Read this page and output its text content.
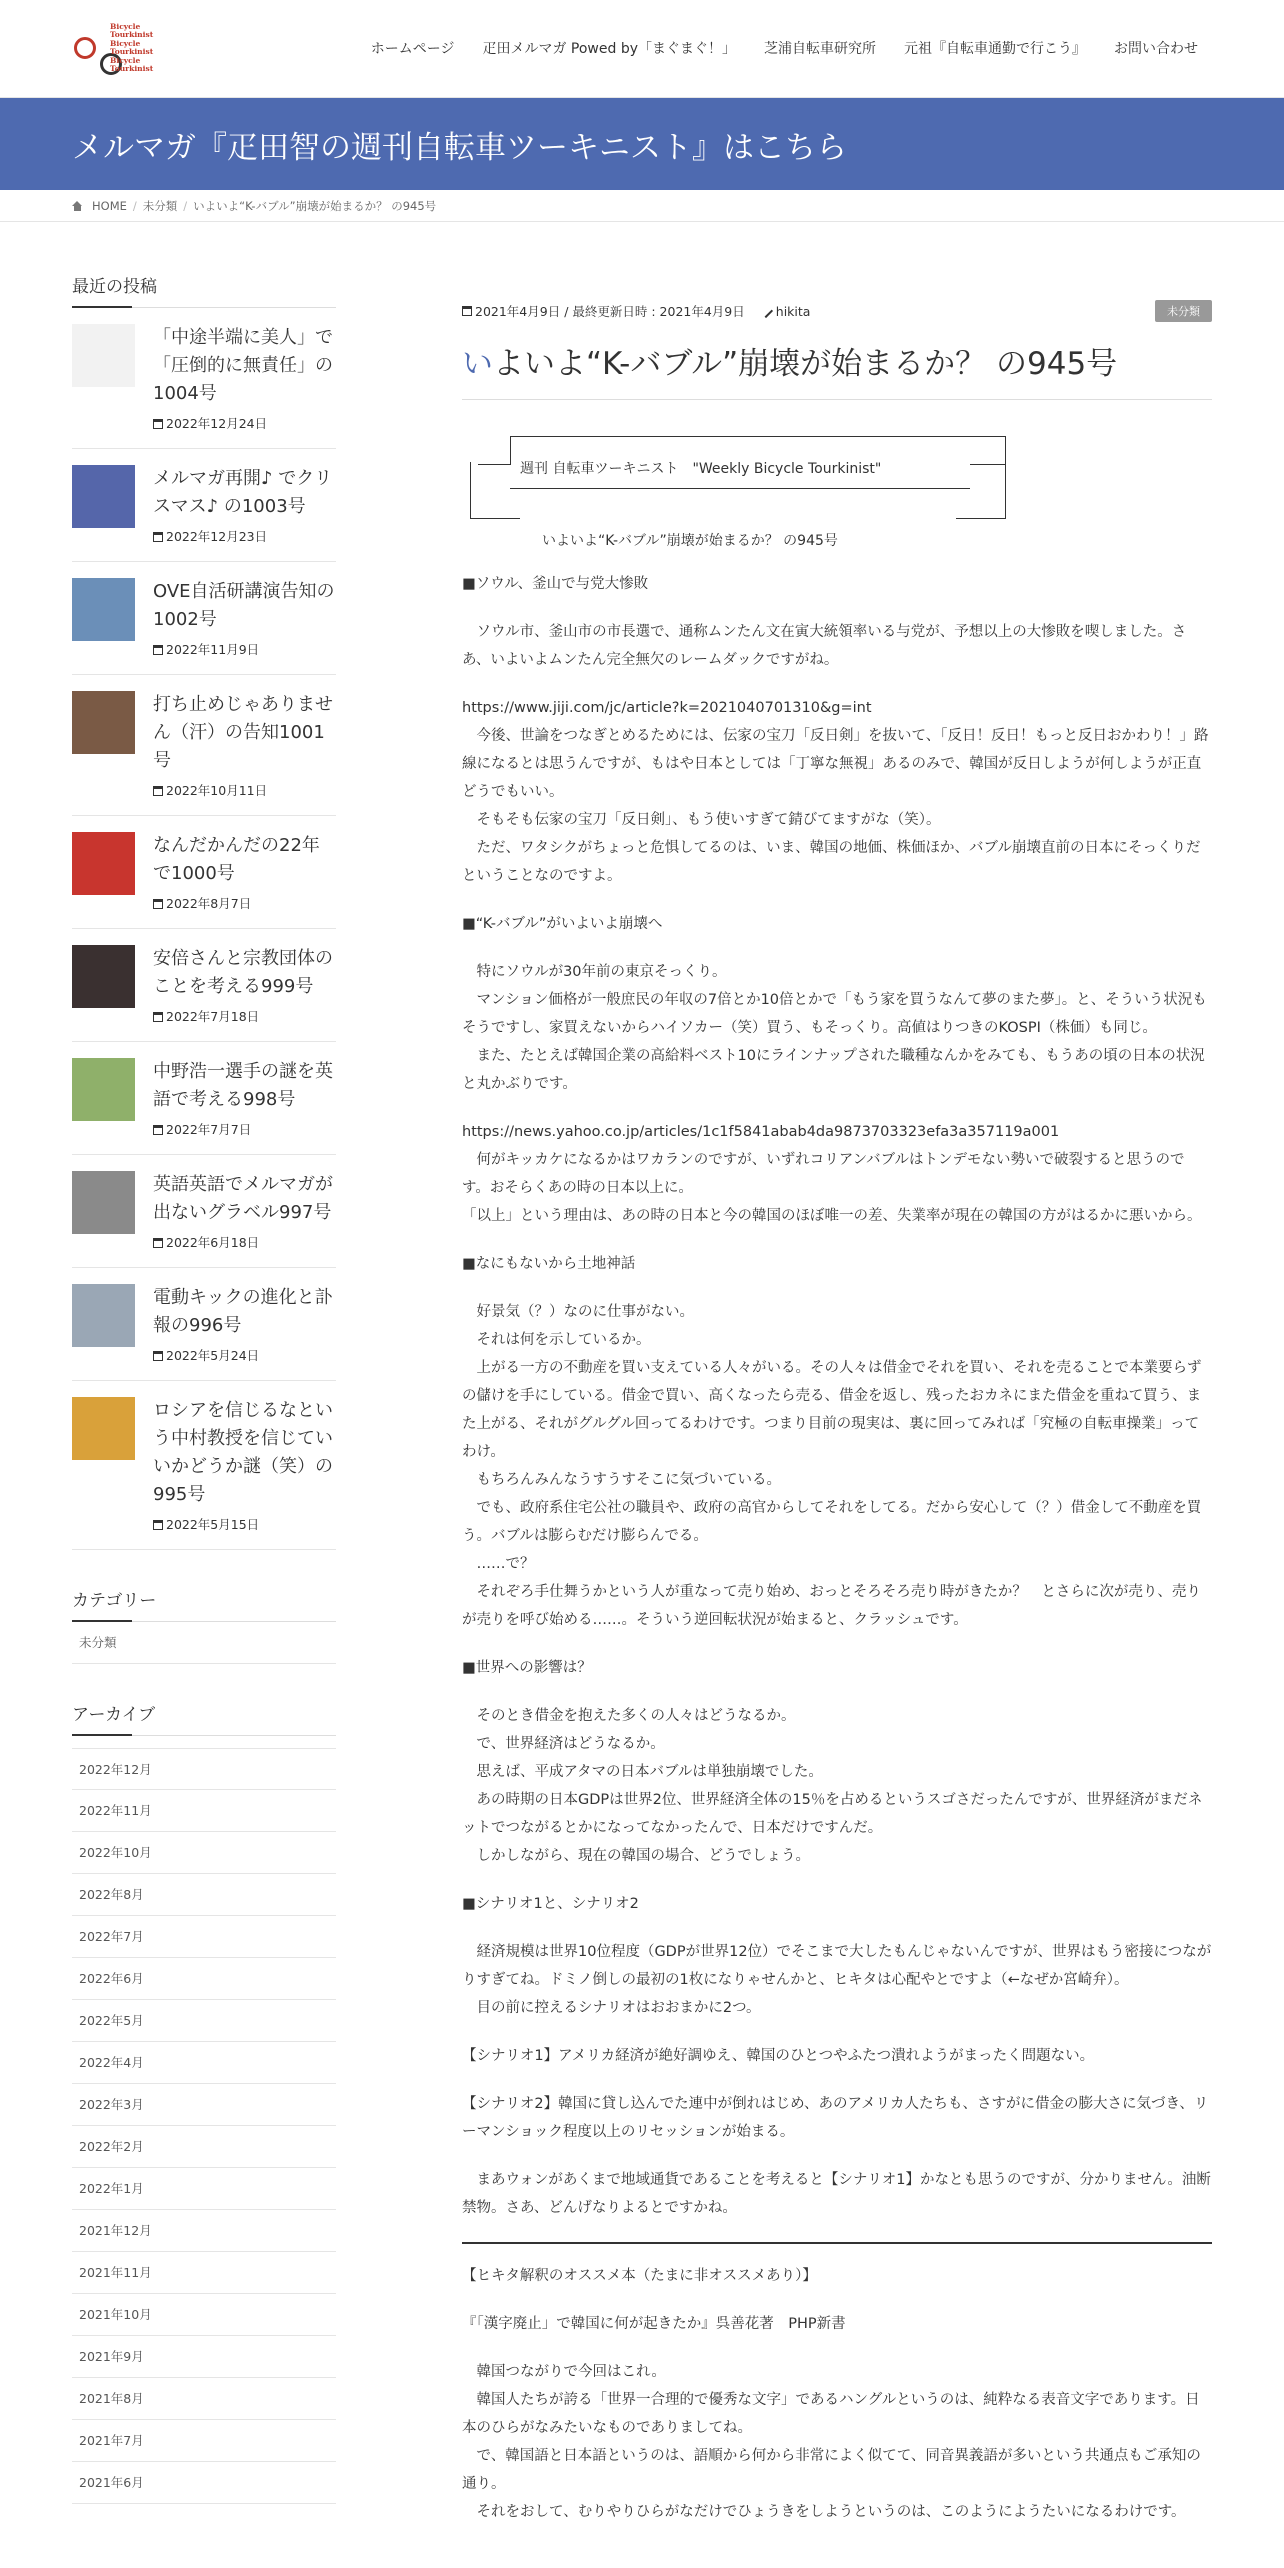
Bicycle
Tourkinist
Bicycle
Tourkinist
Bicycle
Tourkinist
ホームページ	疋田メルマガ Powed by「まぐまぐ！」	芝浦自転車研究所	元祖『自転車通勤で行こう』	お問い合わせ
メルマガ『疋田智の週刊自転車ツーキニスト』はこちら
HOME / 未分類 / いよいよ“K-バブル”崩壊が始まるか？ の945号
最近の投稿
「中途半端に美人」で「圧倒的に無責任」の1004号
2022年12月24日
メルマガ再開♪ でクリスマス♪ の1003号
2022年12月23日
OVE自活研講演告知の1002号
2022年11月9日
打ち止めじゃありません（汗）の告知1001号
2022年10月11日
なんだかんだの22年で1000号
2022年8月7日
安倍さんと宗教団体のことを考える999号
2022年7月18日
中野浩一選手の謎を英語で考える998号
2022年7月7日
英語英語でメルマガが出ないグラベル997号
2022年6月18日
電動キックの進化と訃報の996号
2022年5月24日
ロシアを信じるなという中村教授を信じていいかどうか謎（笑）の995号
2022年5月15日
カテゴリー
未分類
アーカイブ
2022年12月
2022年11月
2022年10月
2022年8月
2022年7月
2022年6月
2022年5月
2022年4月
2022年3月
2022年2月
2022年1月
2021年12月
2021年11月
2021年10月
2021年9月
2021年8月
2021年7月
2021年6月
2021年4月9日 / 最終更新日時 : 2021年4月9日 hikita	未分類
いよいよ“K-バブル”崩壊が始まるか？ の945号
週刊 自転車ツーキニスト　"Weekly Bicycle Tourkinist"
いよいよ“K-バブル”崩壊が始まるか？ の945号

■ソウル、釜山で与党大惨敗

　ソウル市、釜山市の市長選で、通称ムンたん文在寅大統領率いる与党が、予想以上の大惨敗を喫しました。さあ、いよいよムンたん完全無欠のレームダックですがね。

https://www.jiji.com/jc/article?k=2021040701310&g=int
　今後、世論をつなぎとめるためには、伝家の宝刀「反日剣」を抜いて、「反日！反日！もっと反日おかわり！」路線になるとは思うんですが、もはや日本としては「丁寧な無視」あるのみで、韓国が反日しようが何しようが正直どうでもいい。
　そもそも伝家の宝刀「反日剣」、もう使いすぎて錆びてますがな（笑）。
　ただ、ワタシクがちょっと危惧してるのは、いま、韓国の地価、株価ほか、バブル崩壊直前の日本にそっくりだということなのですよ。

■“K-バブル”がいよいよ崩壊へ

　特にソウルが30年前の東京そっくり。
　マンション価格が一般庶民の年収の7倍とか10倍とかで「もう家を買うなんて夢のまた夢」。と、そういう状況もそうですし、家買えないからハイソカー（笑）買う、もそっくり。高値はりつきのKOSPI（株価）も同じ。
　また、たとえば韓国企業の高給料ベスト10にラインナップされた職種なんかをみても、もうあの頃の日本の状況と丸かぶりです。

https://news.yahoo.co.jp/articles/1c1f5841abab4da9873703323efa3a357119a001
　何がキッカケになるかはワカランのですが、いずれコリアンバブルはトンデモない勢いで破裂すると思うのです。おそらくあの時の日本以上に。
「以上」という理由は、あの時の日本と今の韓国のほぼ唯一の差、失業率が現在の韓国の方がはるかに悪いから。

■なにもないから土地神話

　好景気（？）なのに仕事がない。
　それは何を示しているか。
　上がる一方の不動産を買い支えている人々がいる。その人々は借金でそれを買い、それを売ることで本業要らずの儲けを手にしている。借金で買い、高くなったら売る、借金を返し、残ったおカネにまた借金を重ねて買う、また上がる、それがグルグル回ってるわけです。つまり目前の現実は、裏に回ってみれば「究極の自転車操業」ってわけ。
　もちろんみんなうすうすそこに気づいている。
　でも、政府系住宅公社の職員や、政府の高官からしてそれをしてる。だから安心して（？）借金して不動産を買う。バブルは膨らむだけ膨らんでる。
　……で？
　それぞろ手仕舞うかという人が重なって売り始め、おっとそろそろ売り時がきたか？　とさらに次が売り、売りが売りを呼び始める……。そういう逆回転状況が始まると、クラッシュです。

■世界への影響は？

　そのとき借金を抱えた多くの人々はどうなるか。
　で、世界経済はどうなるか。
　思えば、平成アタマの日本バブルは単独崩壊でした。
　あの時期の日本GDPは世界2位、世界経済全体の15％を占めるというスゴさだったんですが、世界経済がまだネットでつながるとかになってなかったんで、日本だけですんだ。
　しかしながら、現在の韓国の場合、どうでしょう。

■シナリオ1と、シナリオ2

　経済規模は世界10位程度（GDPが世界12位）でそこまで大したもんじゃないんですが、世界はもう密接につながりすぎてね。ドミノ倒しの最初の1枚になりゃせんかと、ヒキタは心配やとですよ（←なぜか宮崎弁）。
　目の前に控えるシナリオはおおまかに2つ。

【シナリオ1】アメリカ経済が絶好調ゆえ、韓国のひとつやふたつ潰れようがまったく問題ない。

【シナリオ2】韓国に貸し込んでた連中が倒れはじめ、あのアメリカ人たちも、さすがに借金の膨大さに気づき、リーマンショック程度以上のリセッションが始まる。

　まあウォンがあくまで地域通貨であることを考えると【シナリオ1】かなとも思うのですが、分かりません。油断禁物。さあ、どんげなりよるとですかね。

【ヒキタ解釈のオススメ本（たまに非オススメあり）】

『「漢字廃止」で韓国に何が起きたか』呉善花著　PHP新書

　韓国つながりで今回はこれ。
　韓国人たちが誇る「世界一合理的で優秀な文字」であるハングルというのは、純粋なる表音文字であります。日本のひらがなみたいなものでありましてね。
　で、韓国語と日本語というのは、語順から何から非常によく似てて、同音異義語が多いという共通点もご承知の通り。
　それをおして、むりやりひらがなだけでひょうきをしようというのは、このようにようたいになるわけです。
